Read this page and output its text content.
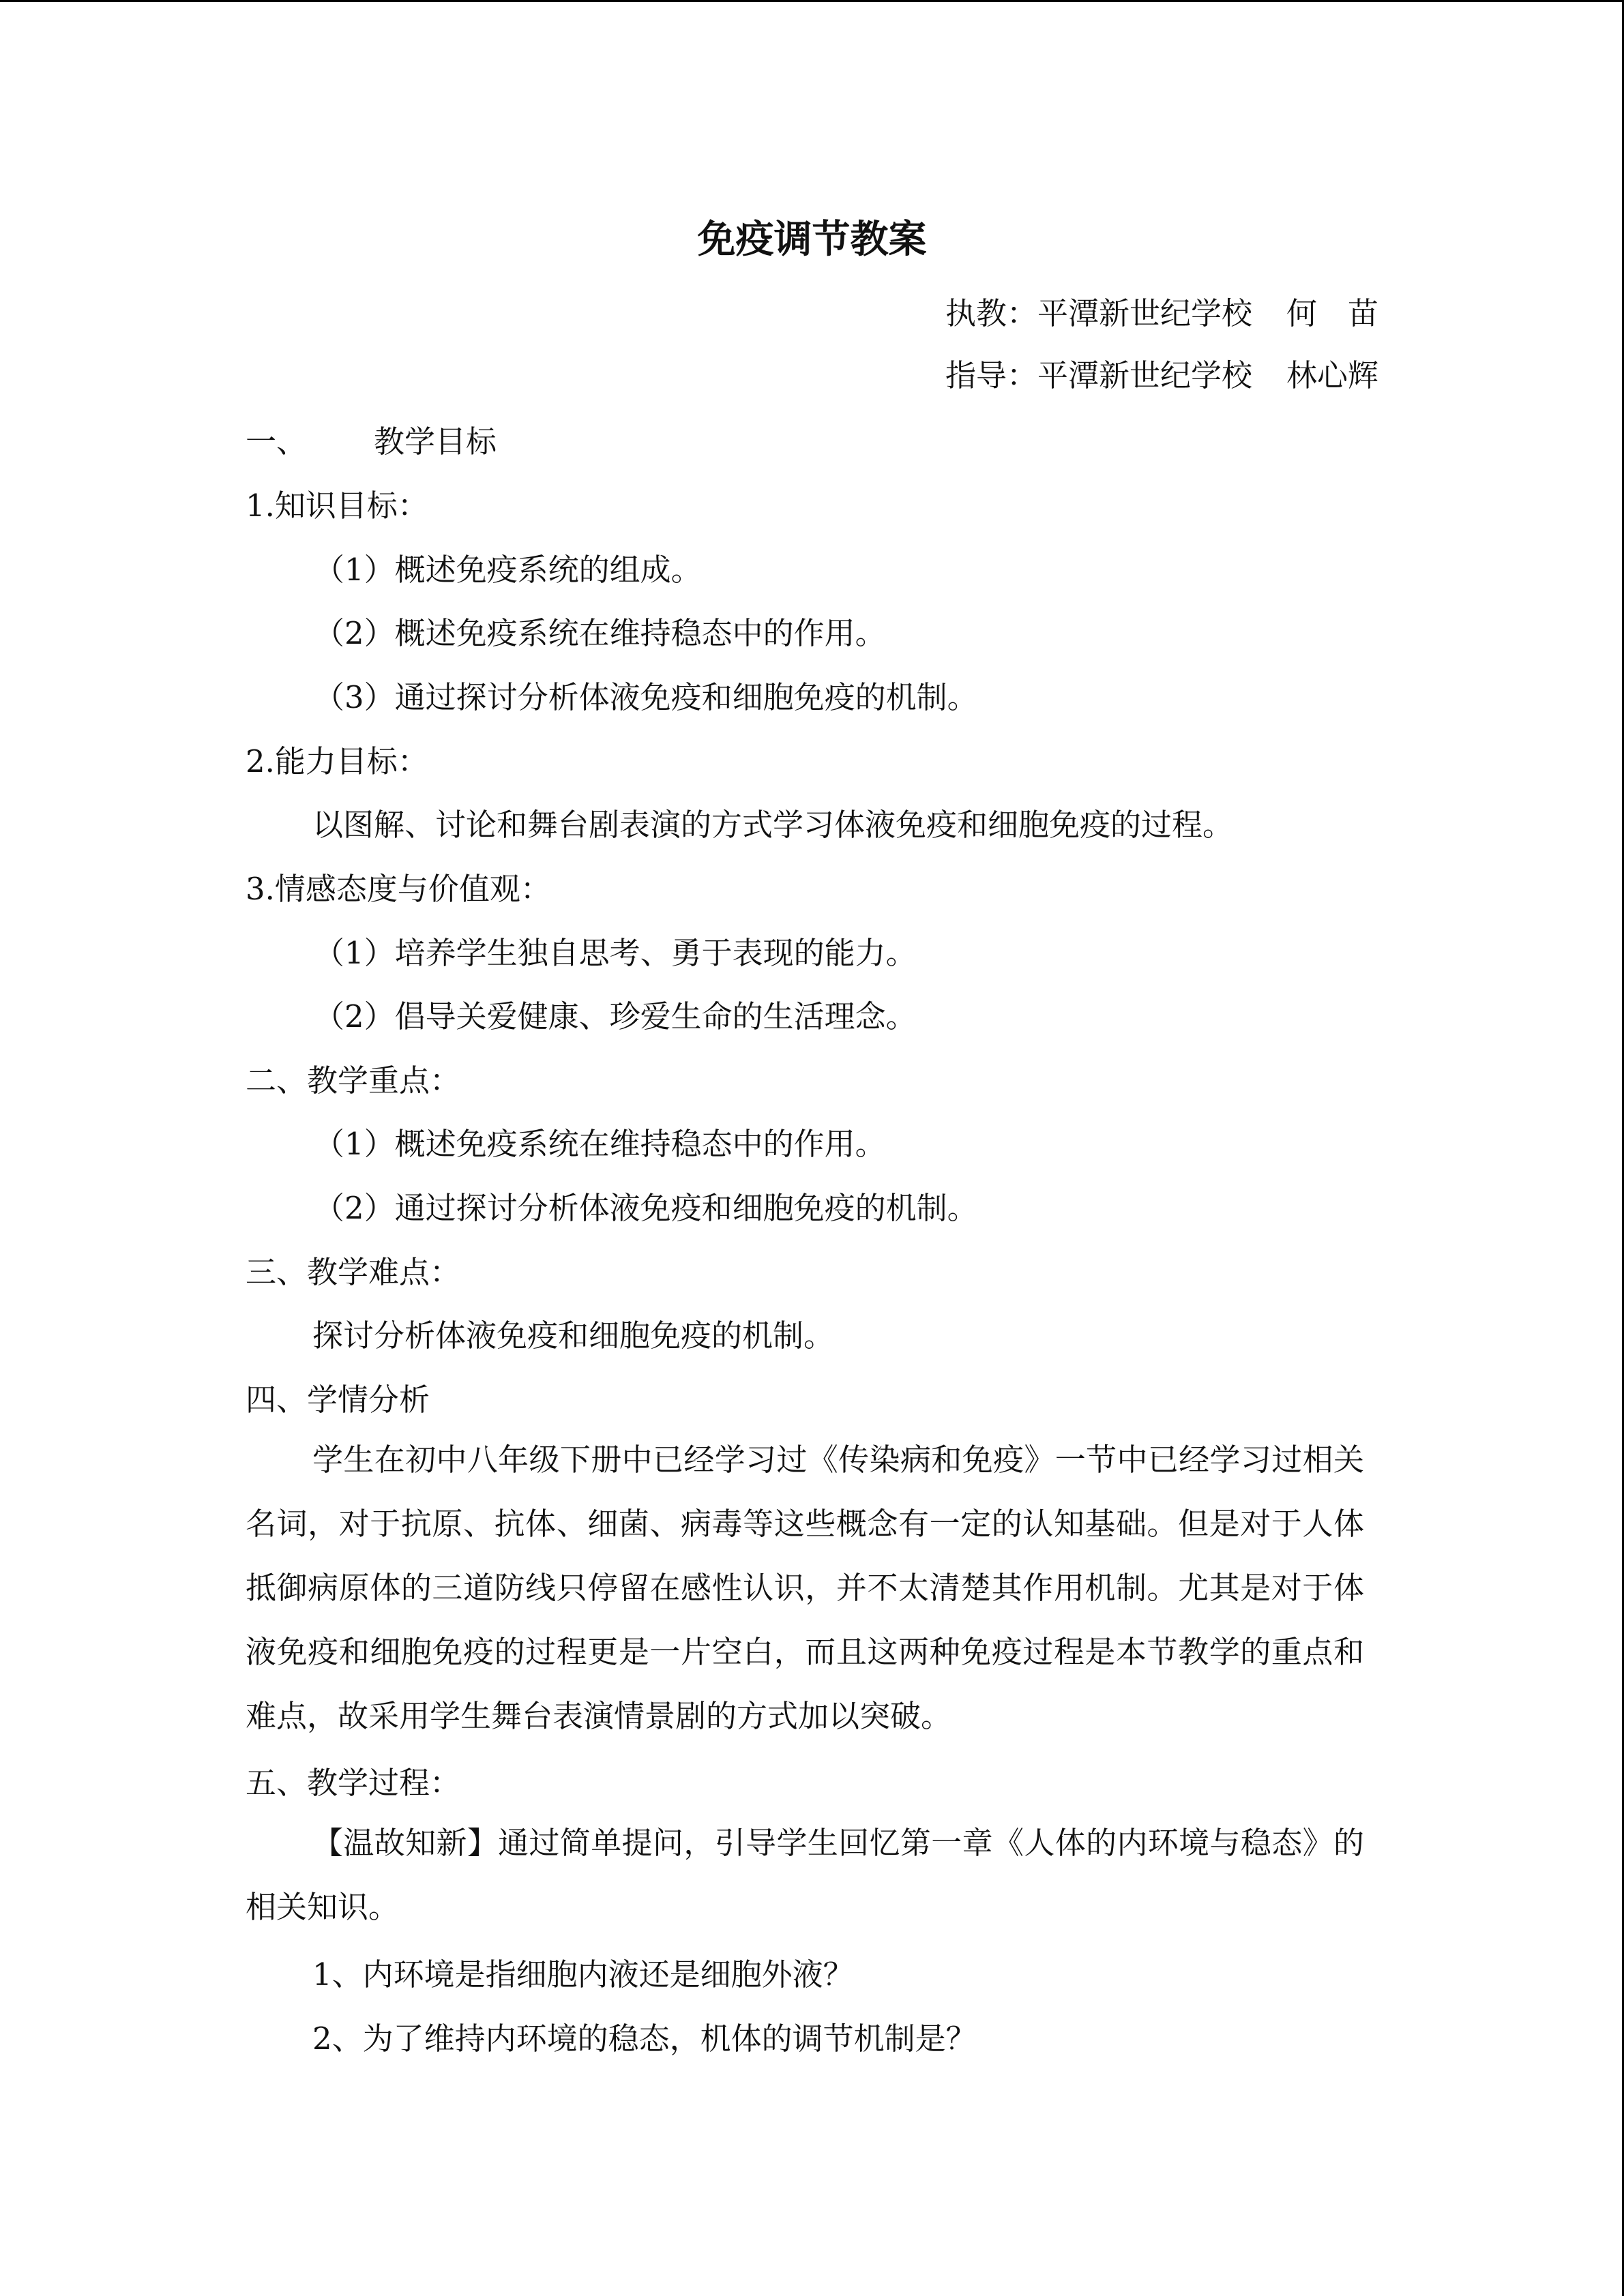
免疫调节教案
执教：平潭新世纪学校 何　苗
指导：平潭新世纪学校 林心辉
一、 教学目标
1.知识目标：
（1）概述免疫系统的组成。
（2）概述免疫系统在维持稳态中的作用。
（3）通过探讨分析体液免疫和细胞免疫的机制。
2.能力目标：
以图解、讨论和舞台剧表演的方式学习体液免疫和细胞免疫的过程。
3.情感态度与价值观：
（1）培养学生独自思考、勇于表现的能力。
（2）倡导关爱健康、珍爱生命的生活理念。
二、教学重点：
（1）概述免疫系统在维持稳态中的作用。
（2）通过探讨分析体液免疫和细胞免疫的机制。
三、教学难点：
探讨分析体液免疫和细胞免疫的机制。
四、学情分析

学生在初中八年级下册中已经学习过《传染病和免疫》一节中已经学习过相关名词，对于抗原、抗体、细菌、病毒等这些概念有一定的认知基础。但是对于人体抵御病原体的三道防线只停留在感性认识，并不太清楚其作用机制。尤其是对于体液免疫和细胞免疫的过程更是一片空白，而且这两种免疫过程是本节教学的重点和难点，故采用学生舞台表演情景剧的方式加以突破。

五、教学过程：

【温故知新】通过简单提问，引导学生回忆第一章《人体的内环境与稳态》的相关知识。

1、内环境是指细胞内液还是细胞外液？
2、为了维持内环境的稳态，机体的调节机制是？
